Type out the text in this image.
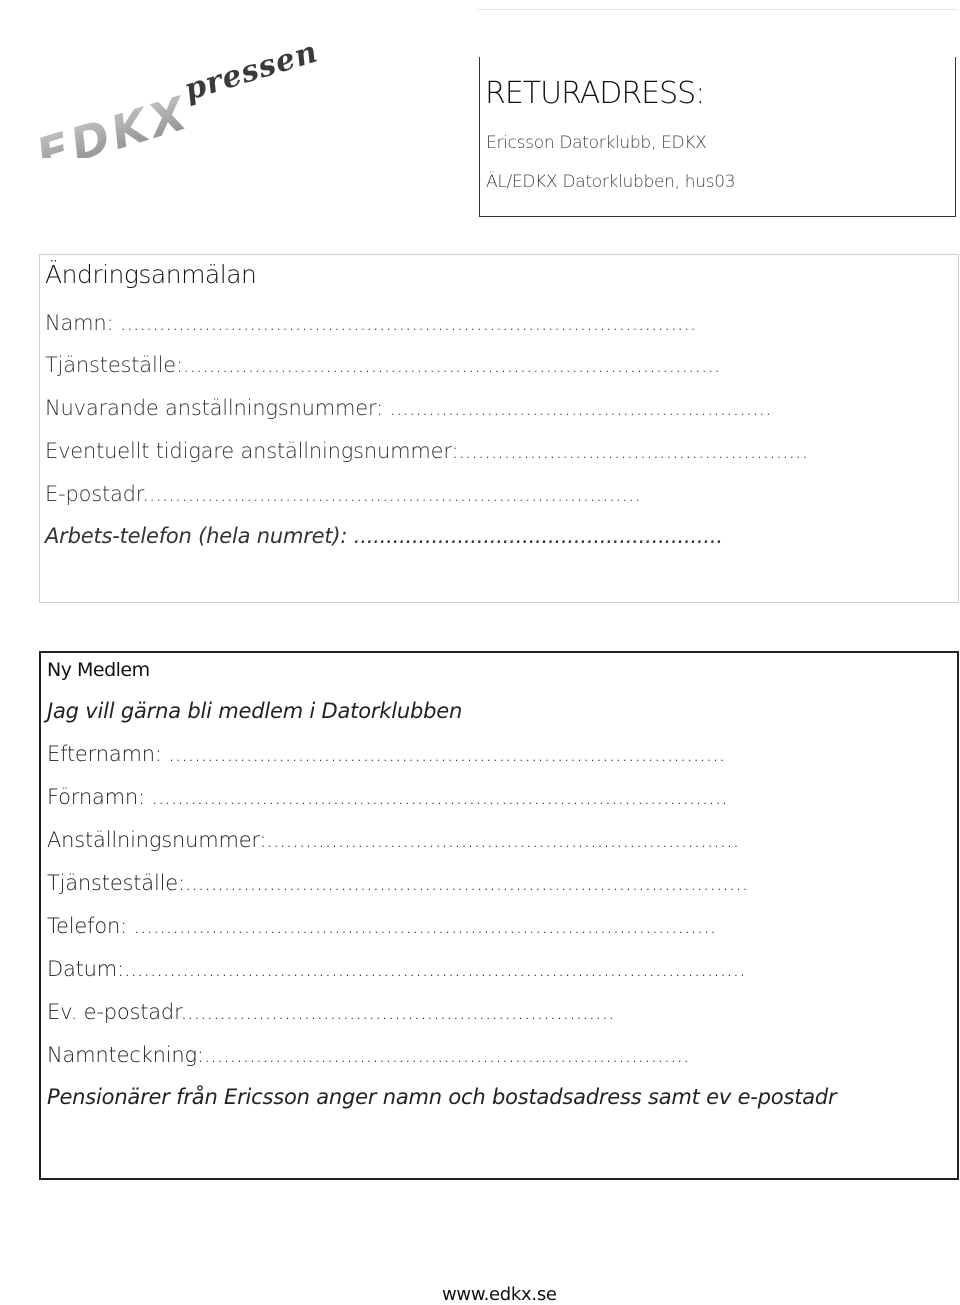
EDKX
pressen	RETURADRESS:
Ericsson Datorklubb, EDKX
ÄL/EDKX Datorklubben, hus03
Ändringsanmälan
Namn: .........................................................................................
Tjänsteställe:...................................................................................
Nuvarande anställningsnummer: ...........................................................
Eventuellt tidigare anställningsnummer:......................................................
E-postadr.............................................................................
Arbets-telefon (hela numret): .........................................................
Ny Medlem
Jag vill gärna bli medlem i Datorklubben
Efternamn: ......................................................................................
Förnamn: .........................................................................................
Anställningsnummer:.........................................................................
Tjänsteställe:.......................................................................................
Telefon: ..........................................................................................
Datum:................................................................................................
Ev. e-postadr...................................................................
Namnteckning:...........................................................................
Pensionärer från Ericsson anger namn och bostadsadress samt ev e-postadr
www.edkx.se
